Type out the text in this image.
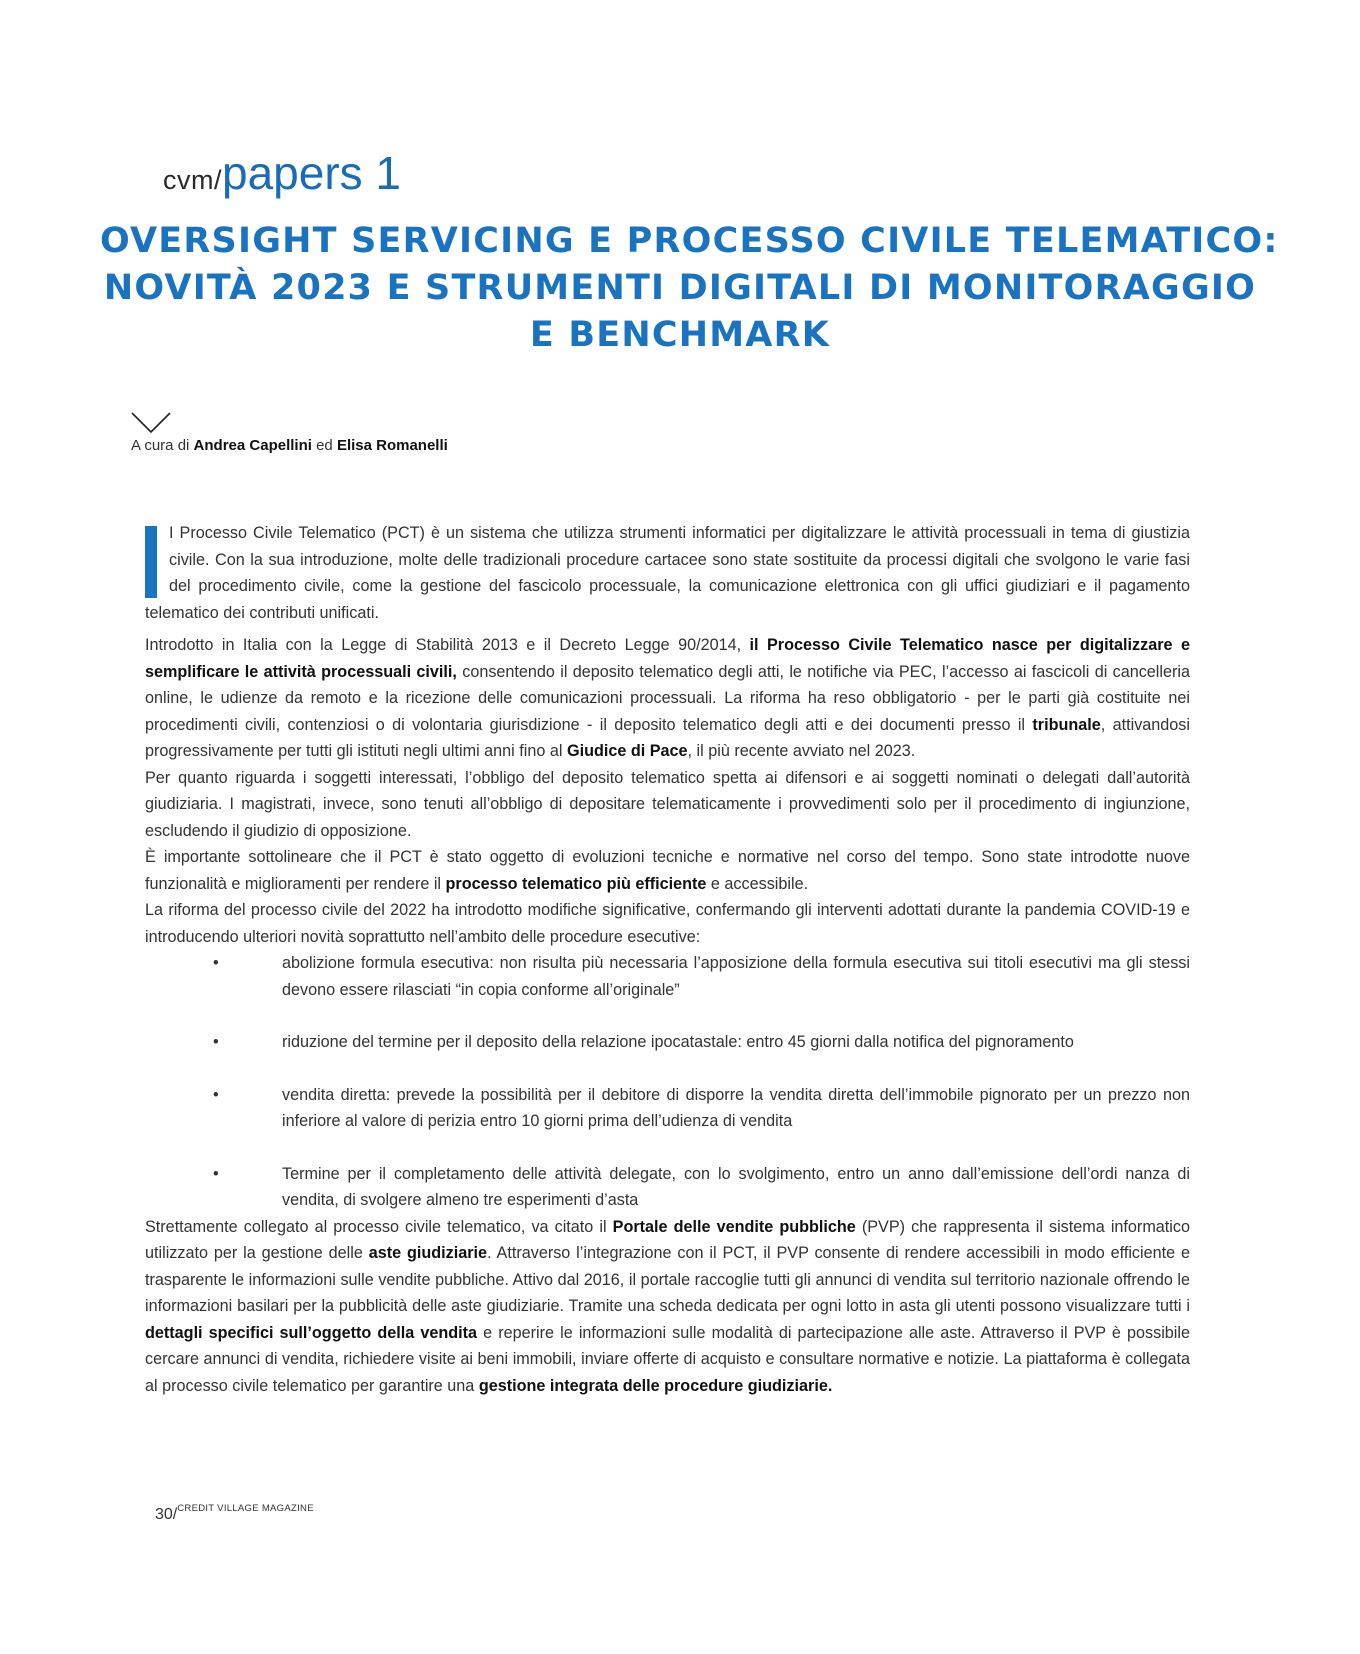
cvm/papers 1
OVERSIGHT SERVICING E PROCESSO CIVILE TELEMATICO:
NOVITÀ 2023 E STRUMENTI DIGITALI DI MONITORAGGIO
E BENCHMARK
A cura di Andrea Capellini ed Elisa Romanelli

I Processo Civile Telematico (PCT) è un sistema che utilizza strumenti informatici per digitalizzare le attività processuali in tema di giustizia civile. Con la sua introduzione, molte delle tradizionali procedure cartacee sono state sostituite da processi digitali che svolgono le varie fasi del procedimento civile, come la gestione del fascicolo processuale, la comunicazione elettronica con gli uffici giudiziari e il pagamento telematico dei contributi unificati.

Introdotto in Italia con la Legge di Stabilità 2013 e il Decreto Legge 90/2014, il Processo Civile Telematico nasce per digitalizzare e semplificare le attività processuali civili, consentendo il deposito telematico degli atti, le notifiche via PEC, l’accesso ai fascicoli di cancelleria online, le udienze da remoto e la ricezione delle comunicazioni processuali. La riforma ha reso obbligatorio - per le parti già costituite nei procedimenti civili, contenziosi o di volontaria giurisdizione - il deposito telematico degli atti e dei documenti presso il tribunale, attivandosi progressivamente per tutti gli istituti negli ultimi anni fino al Giudice di Pace, il più recente avviato nel 2023.

Per quanto riguarda i soggetti interessati, l’obbligo del deposito telematico spetta ai difensori e ai soggetti nominati o delegati dall’autorità giudiziaria. I magistrati, invece, sono tenuti all’obbligo di depositare telematicamente i provvedimenti solo per il procedimento di ingiunzione, escludendo il giudizio di opposizione.

È importante sottolineare che il PCT è stato oggetto di evoluzioni tecniche e normative nel corso del tempo. Sono state introdotte nuove funzionalità e miglioramenti per rendere il processo telematico più efficiente e accessibile.

La riforma del processo civile del 2022 ha introdotto modifiche significative, confermando gli interventi adottati durante la pandemia COVID-19 e introducendo ulteriori novità soprattutto nell’ambito delle procedure esecutive:

•	abolizione formula esecutiva: non risulta più necessaria l’apposizione della formula esecutiva sui titoli esecutivi ma gli stessi devono essere rilasciati “in copia conforme all’originale”
•	riduzione del termine per il deposito della relazione ipocatastale: entro 45 giorni dalla notifica del pignoramento
•	vendita diretta: prevede la possibilità per il debitore di disporre la vendita diretta dell’immobile pignorato per un prezzo non inferiore al valore di perizia entro 10 giorni prima dell’udienza di vendita
•	Termine per il completamento delle attività delegate, con lo svolgimento, entro un anno dall’emissione dell’ordi nanza di vendita, di svolgere almeno tre esperimenti d’asta

Strettamente collegato al processo civile telematico, va citato il Portale delle vendite pubbliche (PVP) che rappresenta il sistema informatico utilizzato per la gestione delle aste giudiziarie. Attraverso l’integrazione con il PCT, il PVP consente di rendere accessibili in modo efficiente e trasparente le informazioni sulle vendite pubbliche. Attivo dal 2016, il portale raccoglie tutti gli annunci di vendita sul territorio nazionale offrendo le informazioni basilari per la pubblicità delle aste giudiziarie. Tramite una scheda dedicata per ogni lotto in asta gli utenti possono visualizzare tutti i dettagli specifici sull’oggetto della vendita e reperire le informazioni sulle modalità di partecipazione alle aste. Attraverso il PVP è possibile cercare annunci di vendita, richiedere visite ai beni immobili, inviare offerte di acquisto e consultare normative e notizie. La piattaforma è collegata al processo civile telematico per garantire una gestione integrata delle procedure giudiziarie.

30/$^{CREDIT VILLAGE MAGAZINE}$
